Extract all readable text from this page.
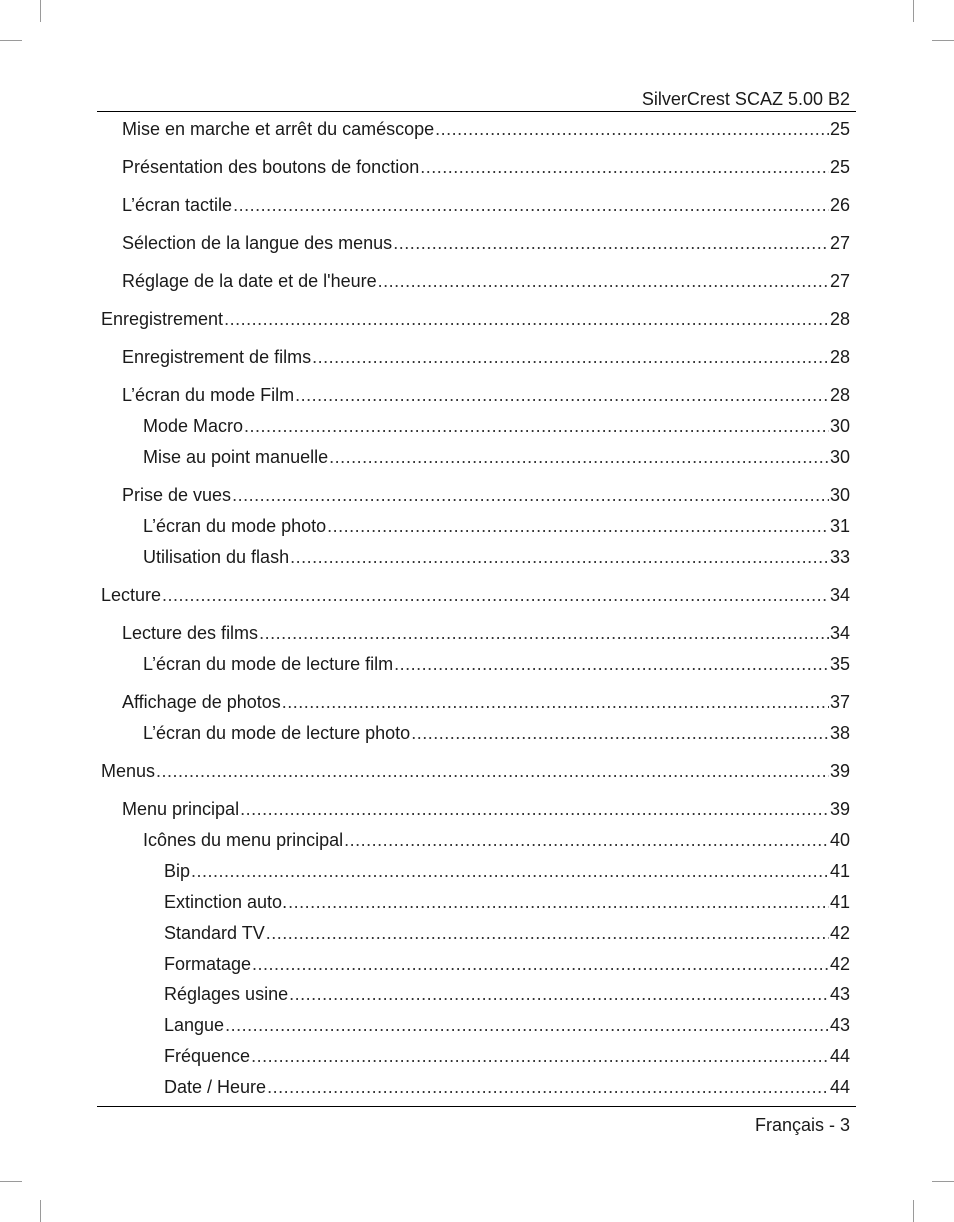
SilverCrest SCAZ 5.00 B2
Mise en marche et arrêt du caméscope .....	25
Présentation des boutons de fonction .....	25
L’écran tactile .....	26
Sélection de la langue des menus .....	27
Réglage de la date et de l'heure .....	27
Enregistrement .....	28
Enregistrement de films .....	28
L’écran du mode Film .....	28
Mode Macro .....	30
Mise au point manuelle .....	30
Prise de vues .....	30
L’écran du mode photo .....	31
Utilisation du flash .....	33
Lecture .....	34
Lecture des films .....	34
L’écran du mode de lecture film .....	35
Affichage de photos .....	37
L’écran du mode de lecture photo .....	38
Menus .....	39
Menu principal .....	39
Icônes du menu principal .....	40
Bip .....	41
Extinction auto. .....	41
Standard TV .....	42
Formatage .....	42
Réglages usine .....	43
Langue .....	43
Fréquence .....	44
Date / Heure .....	44
Français - 3
